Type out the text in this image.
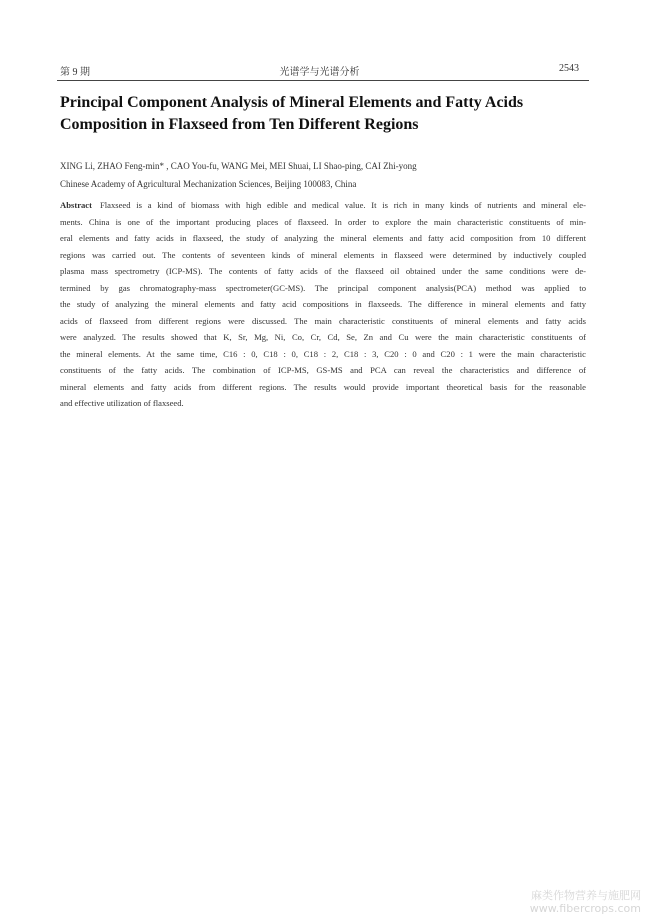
第 9 期	光谱学与光谱分析	2543
Principal Component Analysis of Mineral Elements and Fatty Acids
Composition in Flaxseed from Ten Different Regions
XING Li, ZHAO Feng-min* , CAO You-fu, WANG Mei, MEI Shuai, LI Shao-ping, CAI Zhi-yong
Chinese Academy of Agricultural Mechanization Sciences, Beijing 100083, China
Abstract Flaxseed is a kind of biomass with high edible and medical value. It is rich in many kinds of nutrients and mineral ele-
ments. China is one of the important producing places of flaxseed. In order to explore the main characteristic constituents of min-
eral elements and fatty acids in flaxseed, the study of analyzing the mineral elements and fatty acid composition from 10 different
regions was carried out. The contents of seventeen kinds of mineral elements in flaxseed were determined by inductively coupled
plasma mass spectrometry (ICP-MS). The contents of fatty acids of the flaxseed oil obtained under the same conditions were de-
termined by gas chromatography-mass spectrometer(GC-MS). The principal component analysis(PCA) method was applied to
the study of analyzing the mineral elements and fatty acid compositions in flaxseeds. The difference in mineral elements and fatty
acids of flaxseed from different regions were discussed. The main characteristic constituents of mineral elements and fatty acids
were analyzed. The results showed that K, Sr, Mg, Ni, Co, Cr, Cd, Se, Zn and Cu were the main characteristic constituents of
the mineral elements. At the same time, C16 : 0, C18 : 0, C18 : 2, C18 : 3, C20 : 0 and C20 : 1 were the main characteristic
constituents of the fatty acids. The combination of ICP-MS, GS-MS and PCA can reveal the characteristics and difference of
mineral elements and fatty acids from different regions. The results would provide important theoretical basis for the reasonable
and effective utilization of flaxseed.
麻类作物营养与施肥网
www.fibercrops.com
